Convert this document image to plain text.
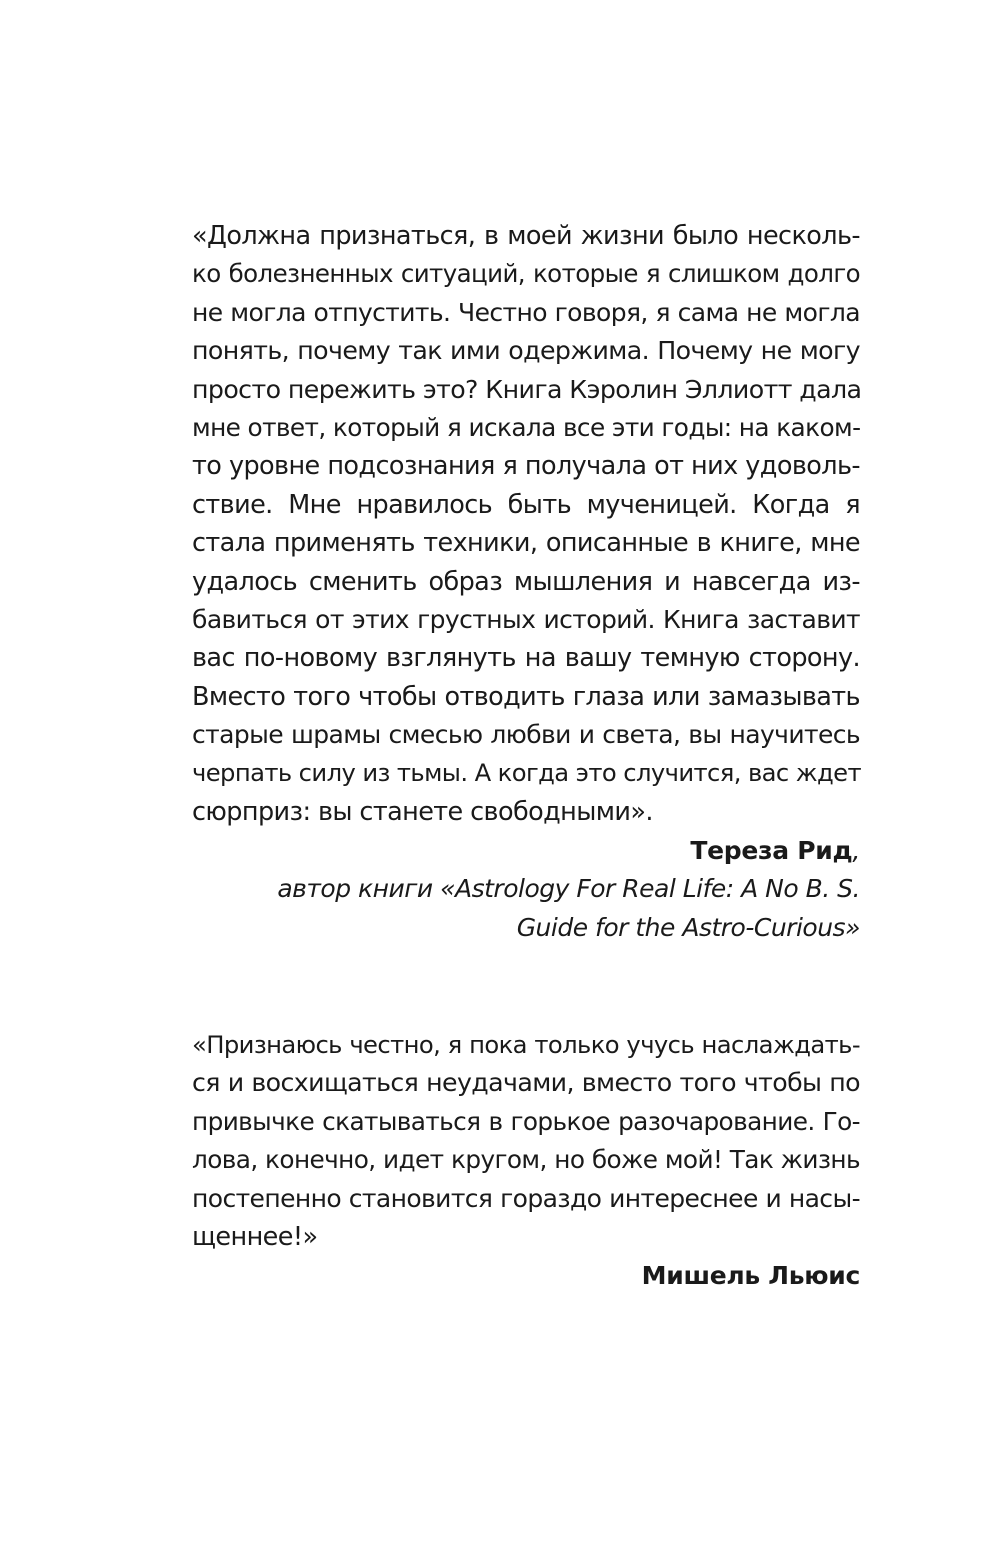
«Должна признаться, в моей жизни было несколь-
ко болезненных ситуаций, которые я слишком долго
не могла отпустить. Честно говоря, я сама не могла
понять, почему так ими одержима. Почему не могу
просто пережить это? Книга Кэролин Эллиотт дала
мне ответ, который я искала все эти годы: на каком-
то уровне подсознания я получала от них удоволь-
ствие. Мне нравилось быть мученицей. Когда я
стала применять техники, описанные в книге, мне
удалось сменить образ мышления и навсегда из-
бавиться от этих грустных историй. Книга заставит
вас по-новому взглянуть на вашу темную сторону.
Вместо того чтобы отводить глаза или замазывать
старые шрамы смесью любви и света, вы научитесь
черпать силу из тьмы. А когда это случится, вас ждет
сюрприз: вы станете свободными».
Тереза Рид,
автор книги «Astrology For Real Life: A No B. S.
Guide for the Astro-Curious»
«Признаюсь честно, я пока только учусь наслаждать-
ся и восхищаться неудачами, вместо того чтобы по
привычке скатываться в горькое разочарование. Го-
лова, конечно, идет кругом, но боже мой! Так жизнь
постепенно становится гораздо интереснее и насы-
щеннее!»
Мишель Льюис
